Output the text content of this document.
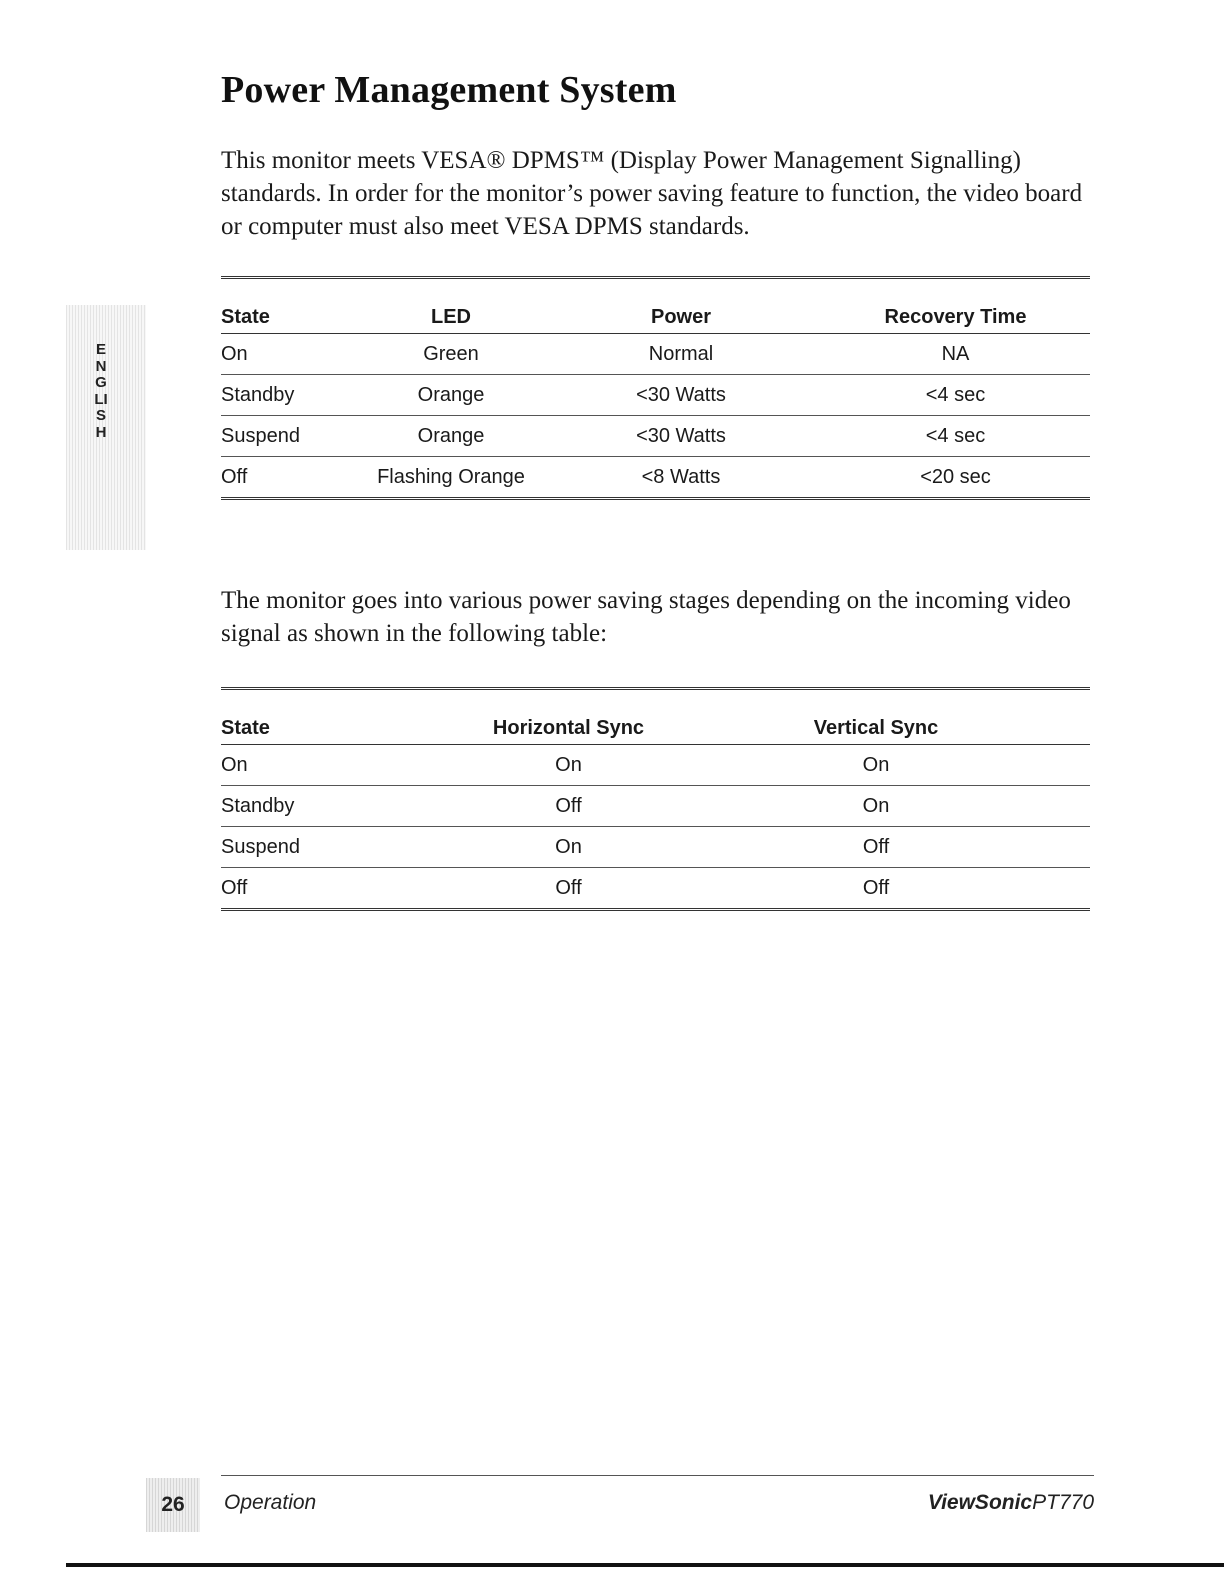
ENGLISH
Power Management System

This monitor meets VESA® DPMS™ (Display Power Management Signalling) standards. In order for the monitor’s power saving feature to function, the video board or computer must also meet VESA DPMS standards.

State	LED	Power	Recovery Time
On	Green	Normal	NA
Standby	Orange	<30 Watts	<4 sec
Suspend	Orange	<30 Watts	<4 sec
Off	Flashing Orange	<8 Watts	<20 sec

The monitor goes into various power saving stages depending on the incoming video signal as shown in the following table:

State	Horizontal Sync	Vertical Sync	
On	On	On	
Standby	Off	On	
Suspend	On	Off	
Off	Off	Off	
26	Operation	ViewSonicPT770
